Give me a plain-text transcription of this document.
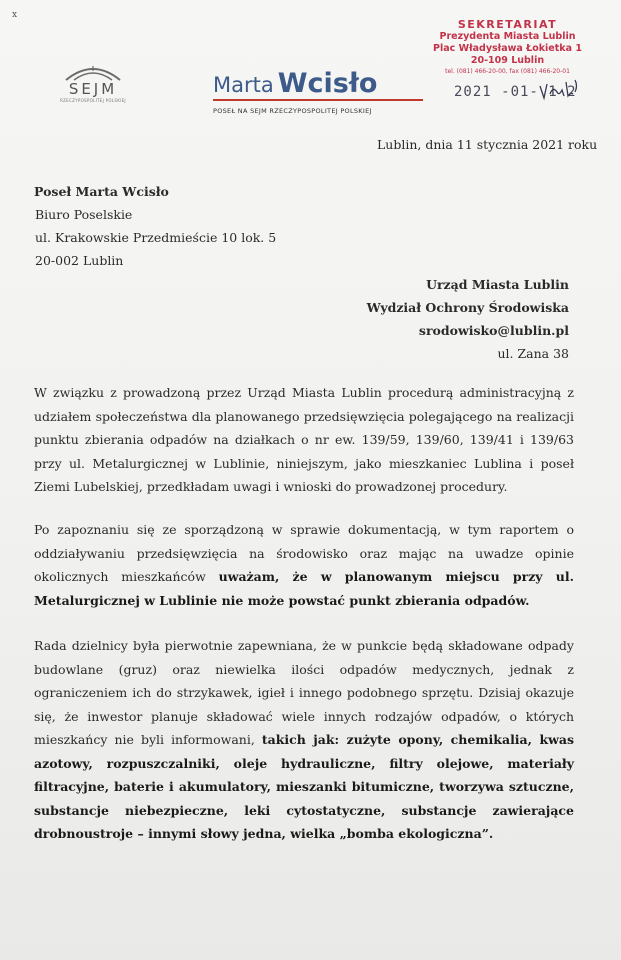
x
SEJM
RZECZYPOSPOLITEJ POLSKIEJ
Marta Wcisło
POSEŁ NA SEJM RZECZYPOSPOLITEJ POLSKIEJ
SEKRETARIAT
Prezydenta Miasta Lublin
Plac Władysława Łokietka 1
20-109 Lublin
tel. (081) 466-20-00, fax (081) 466-20-01
2021 -01- 1 2
Lublin, dnia 11 stycznia 2021 roku
Poseł Marta Wcisło
Biuro Poselskie
ul. Krakowskie Przedmieście 10 lok. 5
20-002 Lublin
Urząd Miasta Lublin
Wydział Ochrony Środowiska
srodowisko@lublin.pl
ul. Zana 38
W związku z prowadzoną przez Urząd Miasta Lublin procedurą administracyjną z udziałem społeczeństwa dla planowanego przedsięwzięcia polegającego na realizacji punktu zbierania odpadów na działkach o nr ew. 139/59, 139/60, 139/41 i 139/63 przy ul. Metalurgicznej w Lublinie, niniejszym, jako mieszkaniec Lublina i poseł Ziemi Lubelskiej, przedkładam uwagi i wnioski do prowadzonej procedury.
Po zapoznaniu się ze sporządzoną w sprawie dokumentacją, w tym raportem o oddziaływaniu przedsięwzięcia na środowisko oraz mając na uwadze opinie okolicznych mieszkańców uważam, że w planowanym miejscu przy ul. Metalurgicznej w Lublinie nie może powstać punkt zbierania odpadów.
Rada dzielnicy była pierwotnie zapewniana, że w punkcie będą składowane odpady budowlane (gruz) oraz niewielka ilości odpadów medycznych, jednak z ograniczeniem ich do strzykawek, igieł i innego podobnego sprzętu. Dzisiaj okazuje się, że inwestor planuje składować wiele innych rodzajów odpadów, o których mieszkańcy nie byli informowani, takich jak: zużyte opony, chemikalia, kwas azotowy, rozpuszczalniki, oleje hydrauliczne, filtry olejowe, materiały filtracyjne, baterie i akumulatory, mieszanki bitumiczne, tworzywa sztuczne, substancje niebezpieczne, leki cytostatyczne, substancje zawierające drobnoustroje – innymi słowy jedna, wielka „bomba ekologiczna”.
